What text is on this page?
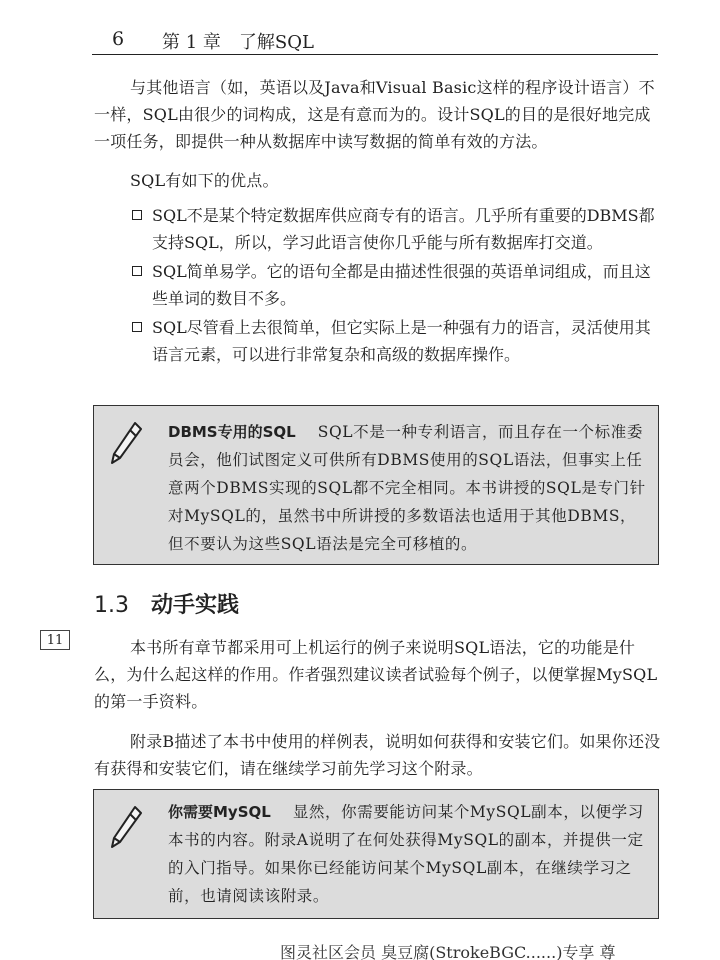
6 第 1 章　了解SQL

与其他语言（如，英语以及Java和Visual Basic这样的程序设计语言）不一样，SQL由很少的词构成，这是有意而为的。设计SQL的目的是很好地完成一项任务，即提供一种从数据库中读写数据的简单有效的方法。

SQL有如下的优点。

SQL不是某个特定数据库供应商专有的语言。几乎所有重要的DBMS都支持SQL，所以，学习此语言使你几乎能与所有数据库打交道。
SQL简单易学。它的语句全都是由描述性很强的英语单词组成，而且这些单词的数目不多。
SQL尽管看上去很简单，但它实际上是一种强有力的语言，灵活使用其语言元素，可以进行非常复杂和高级的数据库操作。
DBMS专用的SQL SQL不是一种专利语言，而且存在一个标准委员会，他们试图定义可供所有DBMS使用的SQL语法，但事实上任意两个DBMS实现的SQL都不完全相同。本书讲授的SQL是专门针对MySQL的，虽然书中所讲授的多数语法也适用于其他DBMS，但不要认为这些SQL语法是完全可移植的。
1.3 动手实践
11	本书所有章节都采用可上机运行的例子来说明SQL语法，它的功能是什么，为什么起这样的作用。作者强烈建议读者试验每个例子，以便掌握MySQL的第一手资料。

附录B描述了本书中使用的样例表，说明如何获得和安装它们。如果你还没有获得和安装它们，请在继续学习前先学习这个附录。

你需要MySQL 显然，你需要能访问某个MySQL副本，以便学习本书的内容。附录A说明了在何处获得MySQL的副本，并提供一定的入门指导。如果你已经能访问某个MySQL副本，在继续学习之前，也请阅读该附录。
图灵社区会员 臭豆腐(StrokeBGC......)专享 尊
